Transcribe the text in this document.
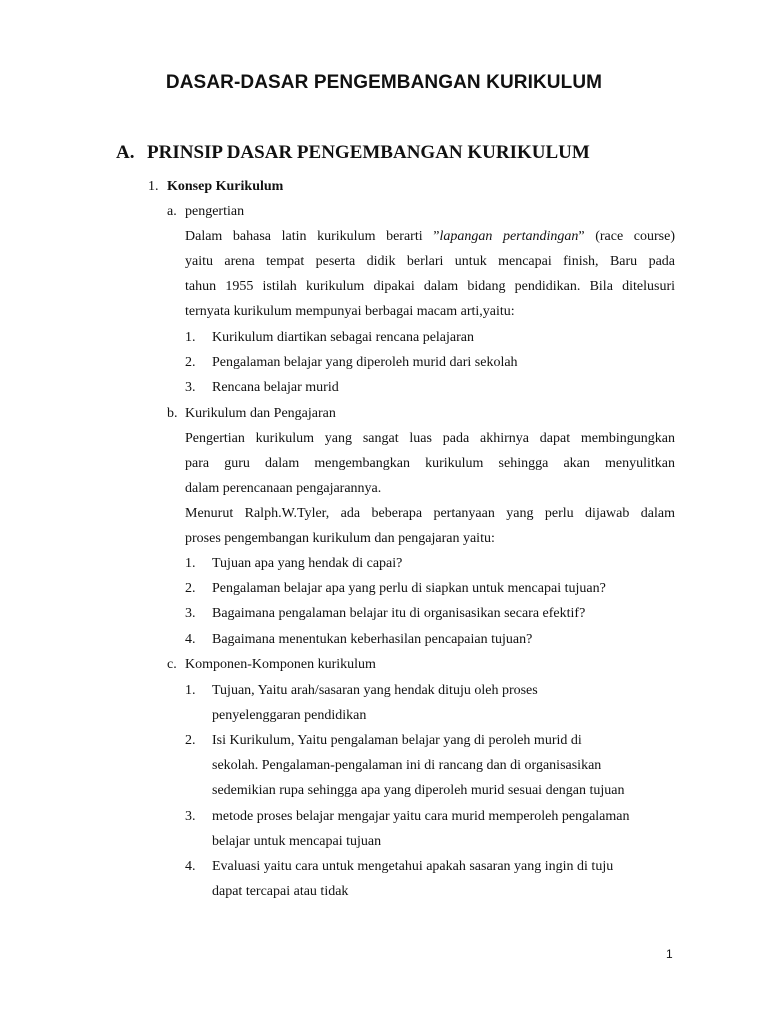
DASAR-DASAR PENGEMBANGAN KURIKULUM
A. PRINSIP DASAR PENGEMBANGAN KURIKULUM
1. Konsep Kurikulum
a. pengertian
Dalam bahasa latin kurikulum berarti ”lapangan pertandingan” (race course)
yaitu arena tempat peserta didik berlari untuk mencapai finish, Baru pada
tahun 1955 istilah kurikulum dipakai dalam bidang pendidikan. Bila ditelusuri
ternyata kurikulum mempunyai berbagai macam arti,yaitu:
1. Kurikulum diartikan sebagai rencana pelajaran
2. Pengalaman belajar yang diperoleh murid dari sekolah
3. Rencana belajar murid
b. Kurikulum dan Pengajaran
Pengertian kurikulum yang sangat luas pada akhirnya dapat membingungkan
para guru dalam mengembangkan kurikulum sehingga akan menyulitkan
dalam perencanaan pengajarannya.
Menurut Ralph.W.Tyler, ada beberapa pertanyaan yang perlu dijawab dalam
proses pengembangan kurikulum dan pengajaran yaitu:
1. Tujuan apa yang hendak di capai?
2. Pengalaman belajar apa yang perlu di siapkan untuk mencapai tujuan?
3. Bagaimana pengalaman belajar itu di organisasikan secara efektif?
4. Bagaimana menentukan keberhasilan pencapaian tujuan?
c. Komponen-Komponen kurikulum
1. Tujuan, Yaitu arah/sasaran yang hendak dituju oleh proses
penyelenggaran pendidikan
2. Isi Kurikulum, Yaitu pengalaman belajar yang di peroleh murid di
sekolah. Pengalaman-pengalaman ini di rancang dan di organisasikan
sedemikian rupa sehingga apa yang diperoleh murid sesuai dengan tujuan
3. metode proses belajar mengajar yaitu cara murid memperoleh pengalaman
belajar untuk mencapai tujuan
4. Evaluasi yaitu cara untuk mengetahui apakah sasaran yang ingin di tuju
dapat tercapai atau tidak
1
